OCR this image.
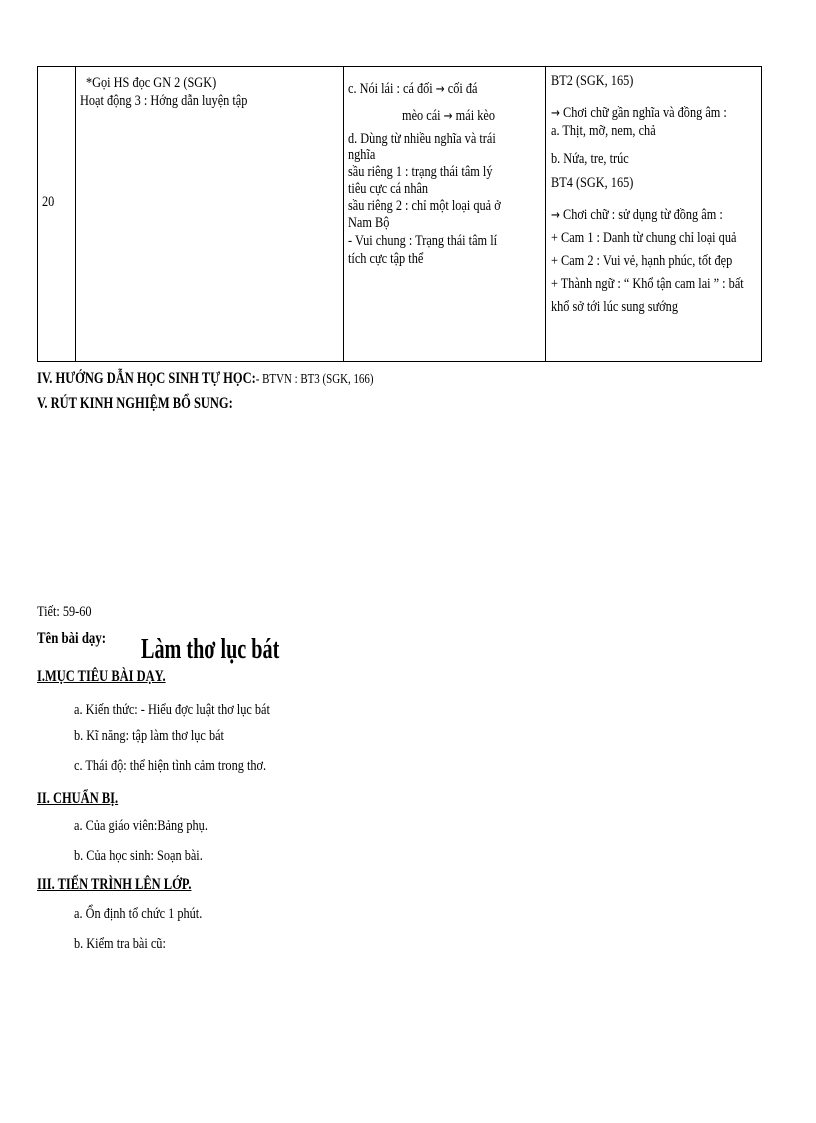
20
*Gọi HS đọc GN 2 (SGK)
Hoạt động 3 : Hớng dẫn luyện tập
c. Nói lái : cá đối → cối đá
mèo cái → mái kèo
d. Dùng từ nhiều nghĩa và trái
nghĩa
sầu riêng 1 : trạng thái tâm lý
tiêu cực cá nhân
sầu riêng 2 : chỉ một loại quả ở
Nam Bộ
- Vui chung : Trạng thái tâm lí
tích cực tập thể
BT2 (SGK, 165)
→ Chơi chữ gần nghĩa và đồng âm :
a. Thịt, mỡ, nem, chả
b. Nứa, tre, trúc
BT4 (SGK, 165)
→ Chơi chữ : sử dụng từ đồng âm :
+ Cam 1 : Danh từ chung chỉ loại quả
+ Cam 2 : Vui vẻ, hạnh phúc, tốt đẹp
+ Thành ngữ : “ Khổ tận cam lai ” : bất
khổ sở tới lúc sung sướng
IV. HƯỚNG DẪN HỌC SINH TỰ HỌC:- BTVN : BT3 (SGK, 166)
V. RÚT KINH NGHIỆM BỔ SUNG:
Tiết: 59-60
Tên bài dạy: Làm thơ lục bát
I.MỤC TIÊU BÀI DẠY.
a. Kiến thức: - Hiểu đợc luật thơ lục bát
b. Kĩ năng: tập làm thơ lục bát
c. Thái độ: thể hiện tình cảm trong thơ.
II. CHUẨN BỊ.
a. Của giáo viên:Bảng phụ.
b. Của học sinh: Soạn bài.
III. TIẾN TRÌNH LÊN LỚP.
a. Ổn định tổ chức 1 phút.
b. Kiểm tra bài cũ:
